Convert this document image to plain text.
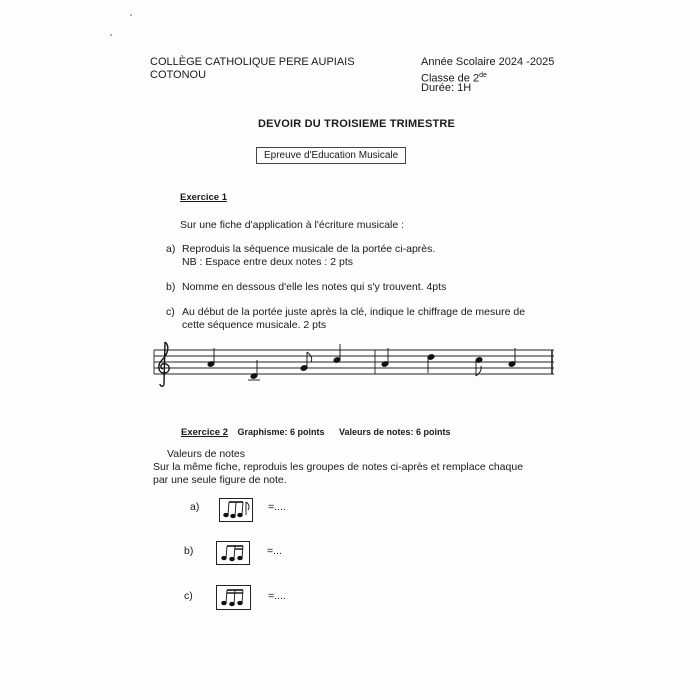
COLLÈGE CATHOLIQUE PERE AUPIAIS
COTONOU
Année Scolaire 2024 -2025
Classe de 2de
Durée: 1H
DEVOIR DU TROISIEME TRIMESTRE
Epreuve d'Education Musicale
Exercice 1
Sur une fiche d'application à l'écriture musicale :
a) Reproduis la séquence musicale de la portée ci-après.
NB : Espace entre deux notes : 2 pts
b) Nomme en dessous d'elle les notes qui s'y trouvent. 4pts
c) Au début de la portée juste après la clé, indique le chiffrage de mesure de
cette séquence musicale. 2 pts
Exercice 2 Graphisme: 6 points Valeurs de notes: 6 points
Valeurs de notes
Sur la même fiche, reproduis les groupes de notes ci-après et remplace chaque
par une seule figure de note.
a)	=....
b)	=...
c)	=....
